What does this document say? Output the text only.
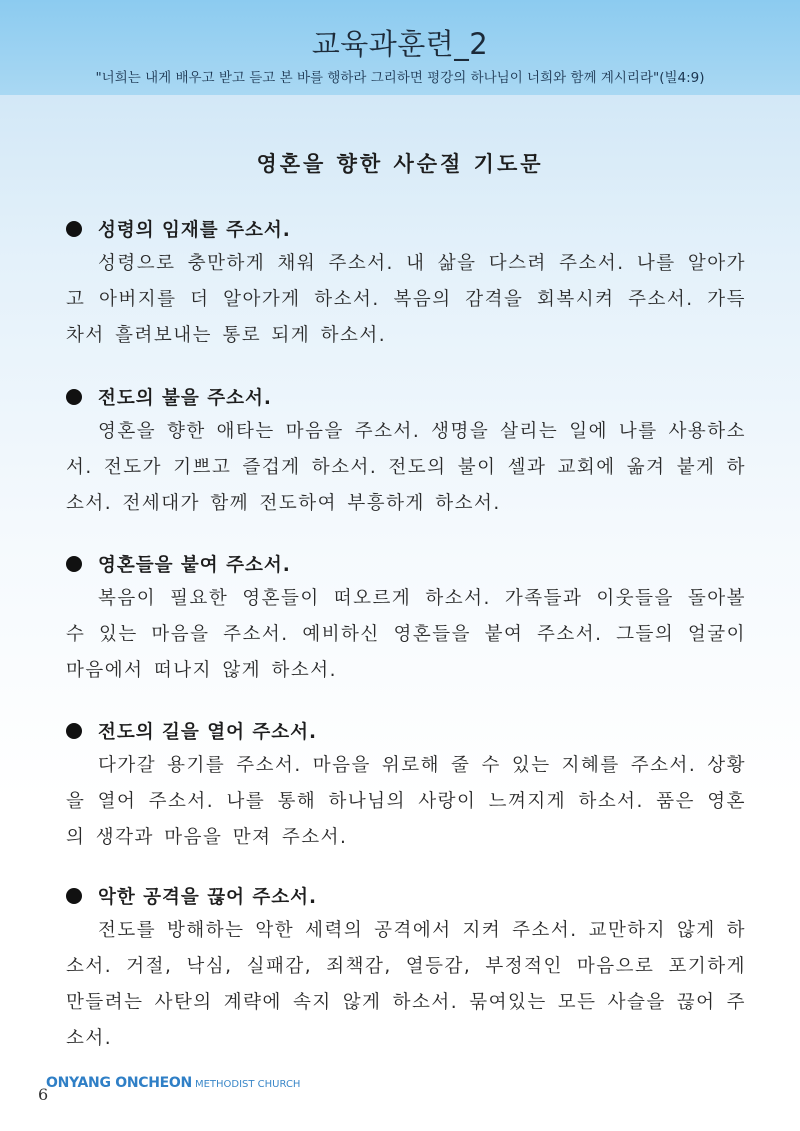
교육과훈련_2
"너희는 내게 배우고 받고 듣고 본 바를 행하라 그리하면 평강의 하나님이 너희와 함께 계시리라"(빌4:9)
영혼을 향한 사순절 기도문
성령의 임재를 주소서.
성령으로 충만하게 채워 주소서. 내 삶을 다스려 주소서. 나를 알아가고 아버지를 더 알아가게 하소서. 복음의 감격을 회복시켜 주소서. 가득 차서 흘려보내는 통로 되게 하소서.
전도의 불을 주소서.
영혼을 향한 애타는 마음을 주소서. 생명을 살리는 일에 나를 사용하소서. 전도가 기쁘고 즐겁게 하소서. 전도의 불이 셀과 교회에 옮겨 붙게 하소서. 전세대가 함께 전도하여 부흥하게 하소서.
영혼들을 붙여 주소서.
복음이 필요한 영혼들이 떠오르게 하소서. 가족들과 이웃들을 돌아볼 수 있는 마음을 주소서. 예비하신 영혼들을 붙여 주소서. 그들의 얼굴이 마음에서 떠나지 않게 하소서.
전도의 길을 열어 주소서.
다가갈 용기를 주소서. 마음을 위로해 줄 수 있는 지혜를 주소서. 상황을 열어 주소서. 나를 통해 하나님의 사랑이 느껴지게 하소서. 품은 영혼의 생각과 마음을 만져 주소서.
악한 공격을 끊어 주소서.
전도를 방해하는 악한 세력의 공격에서 지켜 주소서. 교만하지 않게 하소서. 거절, 낙심, 실패감, 죄책감, 열등감, 부정적인 마음으로 포기하게 만들려는 사탄의 계략에 속지 않게 하소서. 묶여있는 모든 사슬을 끊어 주소서.
6
ONYANG ONCHEON METHODIST CHURCH
